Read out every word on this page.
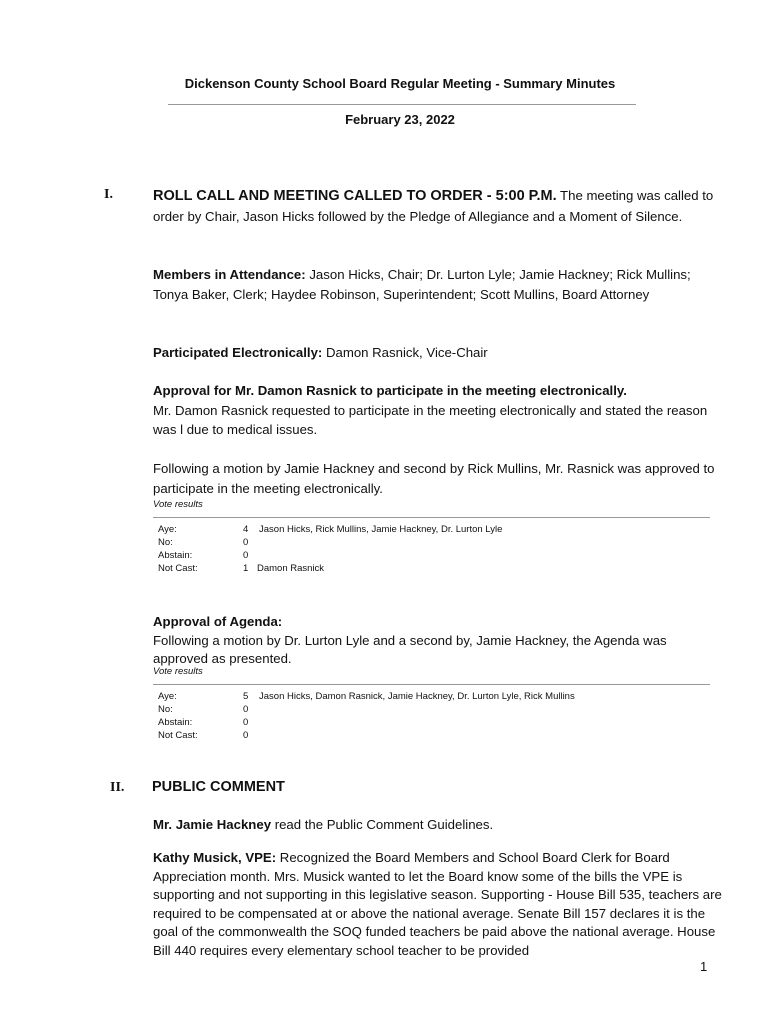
Dickenson County School Board Regular Meeting - Summary Minutes
February 23, 2022
I.	ROLL CALL AND MEETING CALLED TO ORDER - 5:00 P.M. The meeting was called to order by Chair, Jason Hicks followed by the Pledge of Allegiance and a Moment of Silence.
Members in Attendance: Jason Hicks, Chair; Dr. Lurton Lyle; Jamie Hackney; Rick Mullins; Tonya Baker, Clerk; Haydee Robinson, Superintendent; Scott Mullins, Board Attorney
Participated Electronically: Damon Rasnick, Vice-Chair
Approval for Mr. Damon Rasnick to participate in the meeting electronically.
Mr. Damon Rasnick requested to participate in the meeting electronically and stated the reason was l due to medical issues.
Following a motion by Jamie Hackney and second by Rick Mullins, Mr. Rasnick was approved to participate in the meeting electronically.
Vote results
Aye:	4 Jason Hicks, Rick Mullins, Jamie Hackney, Dr. Lurton Lyle
No:	0
Abstain:	0
Not Cast:	1 Damon Rasnick
Approval of Agenda:
Following a motion by Dr. Lurton Lyle and a second by, Jamie Hackney, the Agenda was approved as presented.
Vote results
Aye:	5 Jason Hicks, Damon Rasnick, Jamie Hackney, Dr. Lurton Lyle, Rick Mullins
No:	0
Abstain:	0
Not Cast:	0
II. PUBLIC COMMENT
Mr. Jamie Hackney read the Public Comment Guidelines.
Kathy Musick, VPE: Recognized the Board Members and School Board Clerk for Board Appreciation month. Mrs. Musick wanted to let the Board know some of the bills the VPE is supporting and not supporting in this legislative season. Supporting - House Bill 535, teachers are required to be compensated at or above the national average. Senate Bill 157 declares it is the goal of the commonwealth the SOQ funded teachers be paid above the national average. House Bill 440 requires every elementary school teacher to be provided
1
